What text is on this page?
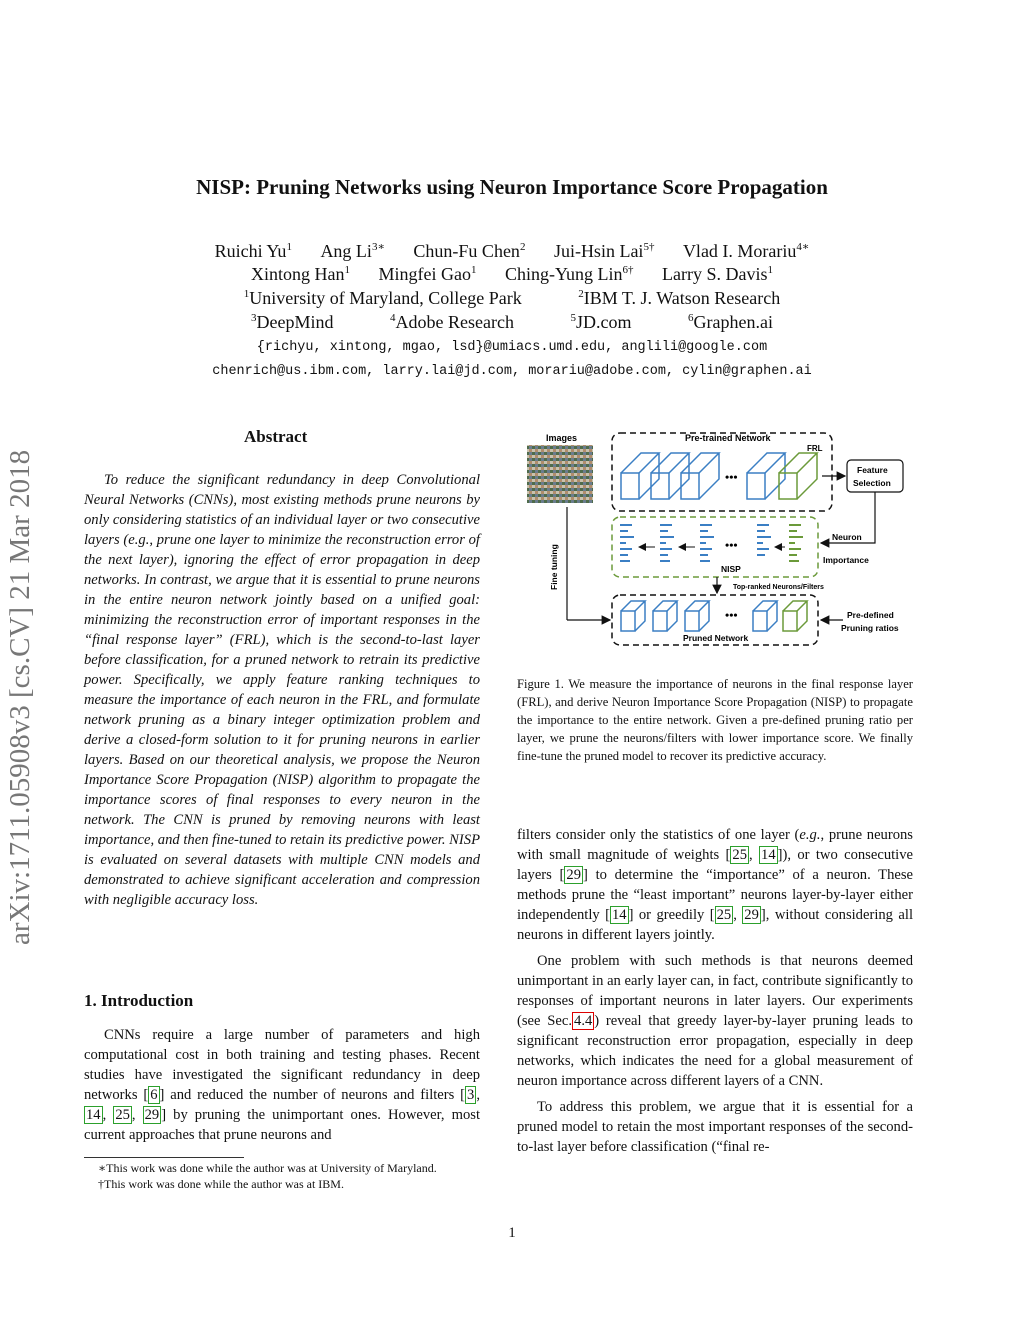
NISP: Pruning Networks using Neuron Importance Score Propagation
Ruichi Yu$^1$ Ang $Li^{3∗}$ Chun-Fu Chen$^2$ Jui-Hsin Lai$^{5\dagger}$ Vlad I. Morariu$^{4∗}$
Xintong Han$^1$ Mingfei Gao$^1$ Ching-Yung Lin$^{6\dagger}$ Larry S. Davis$^1$
$^1$University of Maryland, College Park	$^2$IBM T. J. Watson Research
$^3$DeepMind	$^4$Adobe Research	$^5$JD.com	$^6$Graphen.ai
{richyu, xintong, mgao, lsd}@umiacs.umd.edu, anglili@google.com
chenrich@us.ibm.com, larry.lai@jd.com, morariu@adobe.com, cylin@graphen.ai
arXiv:1711.05908v3 [cs.CV] 21 Mar 2018
Abstract
To reduce the significant redundancy in deep Convolutional Neural Networks (CNNs), most existing methods prune neurons by only considering statistics of an individual layer or two consecutive layers (e.g., prune one layer to minimize the reconstruction error of the next layer), ignoring the effect of error propagation in deep networks. In contrast, we argue that it is essential to prune neurons in the entire neuron network jointly based on a unified goal: minimizing the reconstruction error of important responses in the “final response layer” (FRL), which is the second-to-last layer before classification, for a pruned network to retrain its predictive power. Specifically, we apply feature ranking techniques to measure the importance of each neuron in the FRL, and formulate network pruning as a binary integer optimization problem and derive a closed-form solution to it for pruning neurons in earlier layers. Based on our theoretical analysis, we propose the Neuron Importance Score Propagation (NISP) algorithm to propagate the importance scores of final responses to every neuron in the network. The CNN is pruned by removing neurons with least importance, and then fine-tuned to retain its predictive power. NISP is evaluated on several datasets with multiple CNN models and demonstrated to achieve significant acceleration and compression with negligible accuracy loss.
1. Introduction

CNNs require a large number of parameters and high computational cost in both training and testing phases. Recent studies have investigated the significant redundancy in deep networks [ 6 ] and reduced the number of neurons and filters [ 3 , 14 , 25 , 29 ] by pruning the unimportant ones. However, most current approaches that prune neurons and

∗This work was done while the author was at University of Maryland.
†This work was done while the author was at IBM.
Images	Pre-trained Network
FRL
•••	Feature
Selection
Neuron
Importance
•••
NISP
Top-ranked Neurons/Filters
Fine tuning
•••
Pruned Network
Pre-defined
Pruning ratios
Figure 1. We measure the importance of neurons in the final response layer (FRL), and derive Neuron Importance Score Propagation (NISP) to propagate the importance to the entire network. Given a pre-defined pruning ratio per layer, we prune the neurons/filters with lower importance score. We finally fine-tune the pruned model to recover its predictive accuracy.

filters consider only the statistics of one layer (e.g., prune neurons with small magnitude of weights [ 25 , 14 ]), or two consecutive layers [ 29 ] to determine the “importance” of a neuron. These methods prune the “least important” neurons layer-by-layer either independently [ 14 ] or greedily [ 25 , 29 ], without considering all neurons in different layers jointly.

One problem with such methods is that neurons deemed unimportant in an early layer can, in fact, contribute significantly to responses of important neurons in later layers. Our experiments (see Sec. 4.4 ) reveal that greedy layer-by-layer pruning leads to significant reconstruction error propagation, especially in deep networks, which indicates the need for a global measurement of neuron importance across different layers of a CNN.

To address this problem, we argue that it is essential for a pruned model to retain the most important responses of the second-to-last layer before classification (“final re-

1
